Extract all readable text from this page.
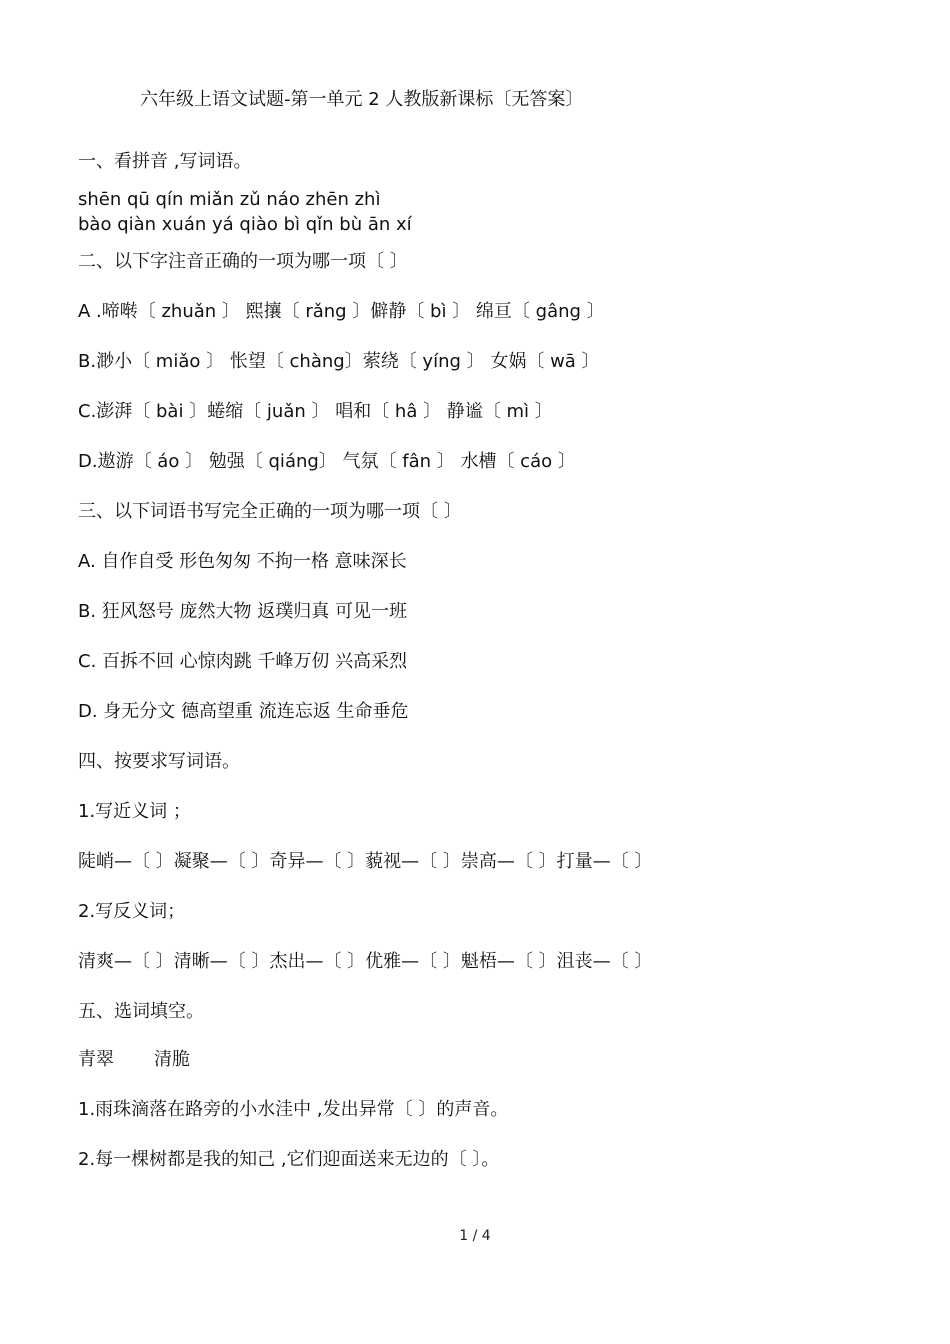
六年级上语文试题-第一单元 2 人教版新课标〔无答案〕
一、看拼音 ,写词语。
shēn qū qín miǎn zǔ náo zhēn zhì
bào qiàn xuán yá qiào bì qǐn bù ān xí
二、以下字注音正确的一项为哪一项〔 〕
A .啼啭〔 zhuǎn 〕 熙攘〔 rǎng 〕僻静〔 bì 〕 绵亘〔 gâng 〕
B.渺小〔 miǎo 〕 怅望〔 chàng〕萦绕〔 yíng 〕 女娲〔 wā 〕
C.澎湃〔 bài 〕蜷缩〔 juǎn 〕 唱和〔 hâ 〕 静谧〔 mì 〕
D.遨游〔 áo 〕 勉强〔 qiáng〕 气氛〔 fân 〕 水槽〔 cáo 〕
三、以下词语书写完全正确的一项为哪一项〔 〕
A. 自作自受 形色匆匆 不拘一格 意味深长
B. 狂风怒号 庞然大物 返璞归真 可见一班
C. 百拆不回 心惊肉跳 千峰万仞 兴高采烈
D. 身无分文 德高望重 流连忘返 生命垂危
四、按要求写词语。
1.写近义词 ；
陡峭—〔 〕凝聚—〔 〕奇异—〔 〕藐视—〔 〕崇高—〔 〕打量—〔 〕
2.写反义词；
清爽—〔 〕清晰—〔 〕杰出—〔 〕优雅—〔 〕魁梧—〔 〕沮丧—〔 〕
五、选词填空。
青翠 清脆
1.雨珠滴落在路旁的小水洼中 ,发出异常〔 〕的声音。
2.每一棵树都是我的知己 ,它们迎面送来无边的〔 〕。
1 / 4
